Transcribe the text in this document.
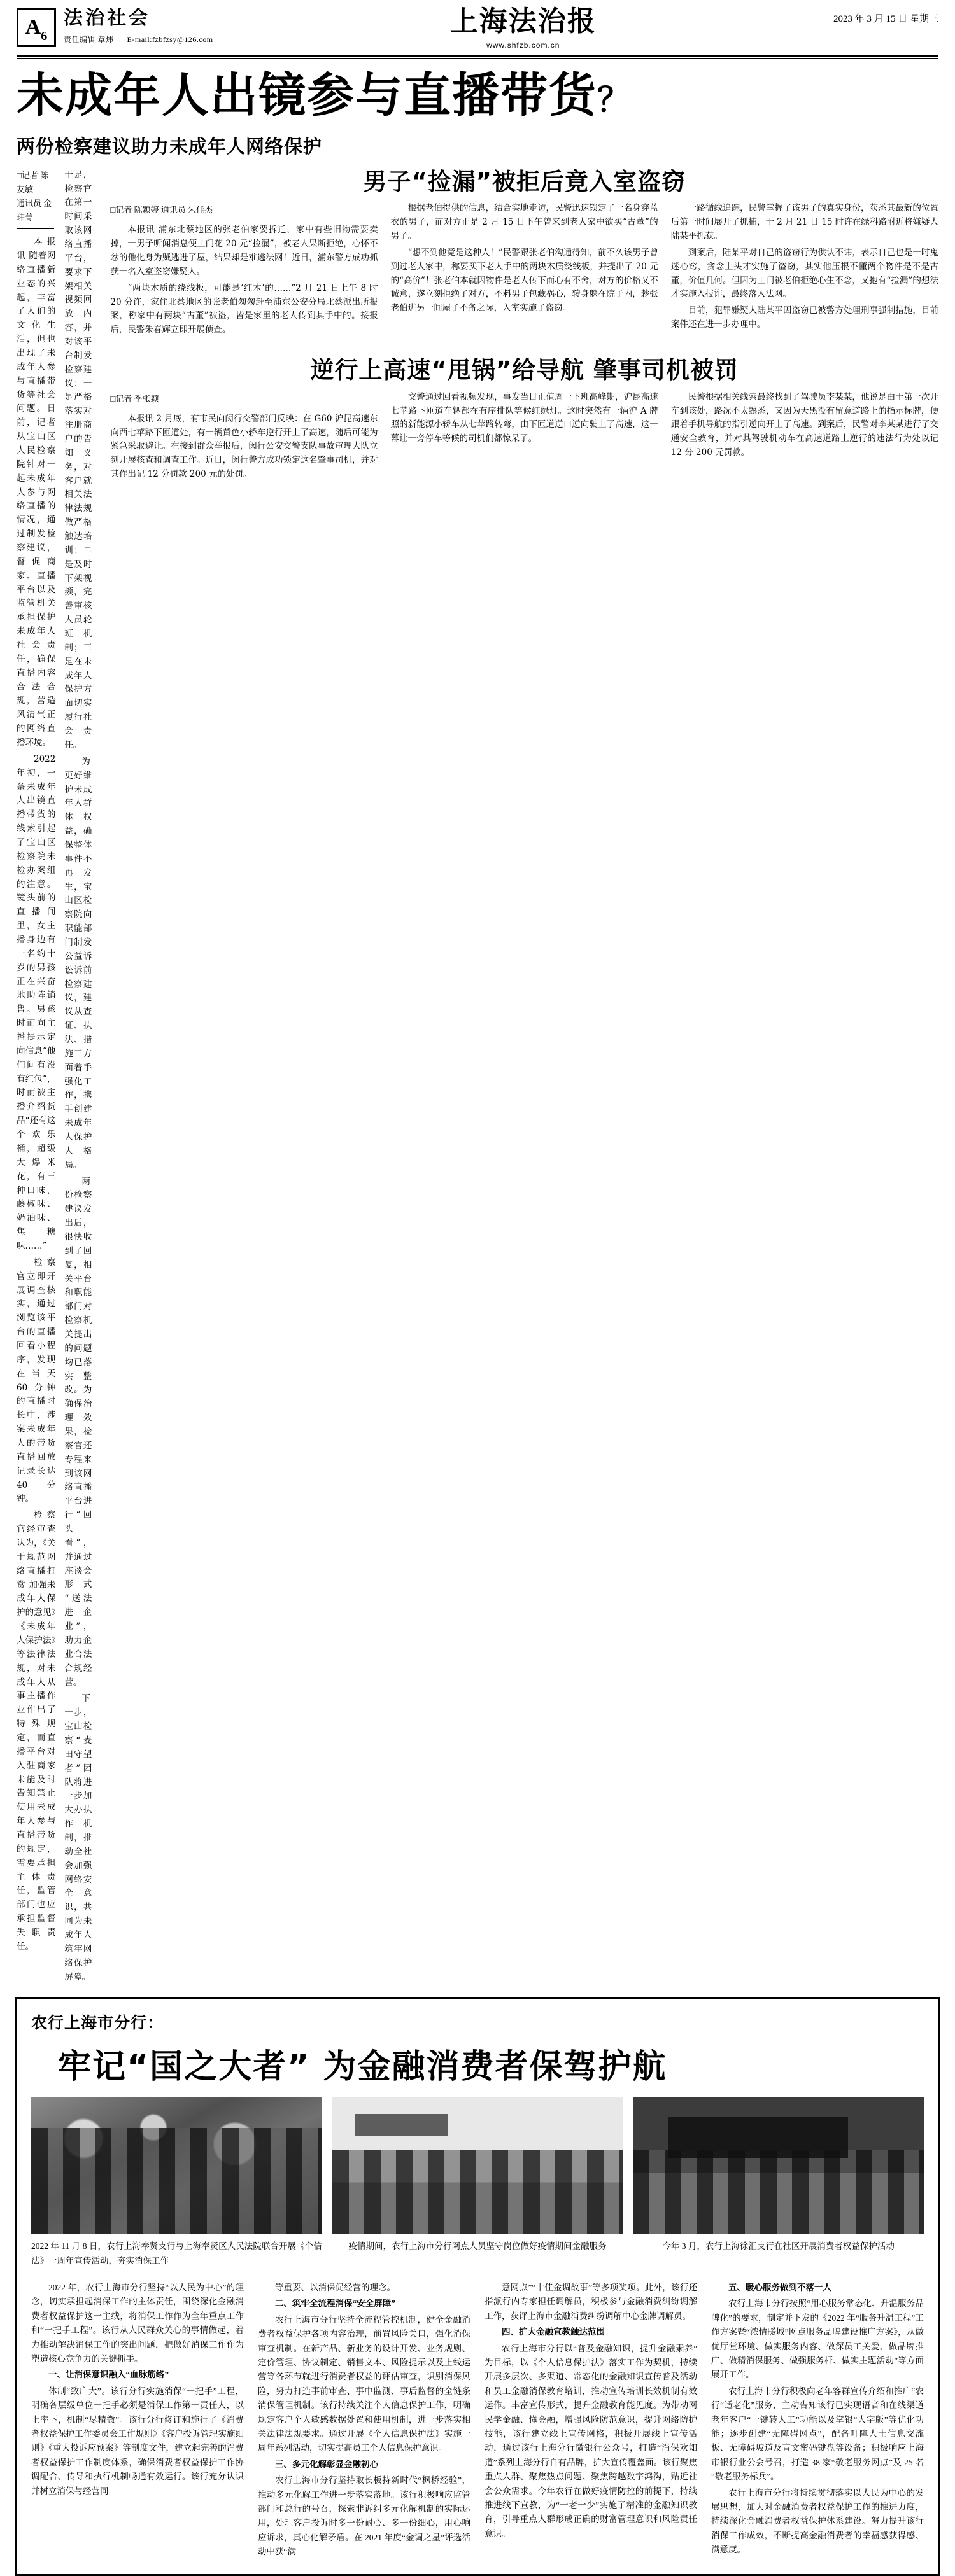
A 6
法治社会
责任编辑 章炜 E-mail:fzbfzsy@126.com
上海法治报
www.shfzb.com.cn
2023 年 3 月 15 日 星期三
未成年人出镜参与直播带货？
两份检察建议助力未成年人网络保护
□记者 陈友敏
通讯员 金玮菁

本报讯 随着网络直播新业态的兴起，丰富了人们的文化生活，但也出现了未成年人参与直播带货等社会问题。日前，记者从宝山区人民检察院针对一起未成年人参与网络直播的情况，通过制发检察建议，督促商家、直播平台以及监管机关承担保护未成年人社会责任，确保直播内容合法合规，营造风清气正的网络直播环境。

2022 年初，一条未成年人出镜直播带货的线索引起了宝山区检察院未检办案组的注意。镜头前的直播间里，女主播身边有一名约十岁的男孩正在兴奋地助阵销售。男孩时而向主播提示定向信息“他们问有没有红包”，时而被主播介绍货品“还有这个欢乐桶，超级大爆米花，有三种口味，藤椒味、奶油味、焦糖味……”

检察官立即开展调查核实，通过浏览该平台的直播回看小程序，发现在当天 60 分钟的直播时长中，涉案未成年人的带货直播回放记录长达 40 分钟。

检察官经审查认为，《关于规范网络直播打赏 加强未成年人保护的意见》《未成年人保护法》等法律法规，对未成年人从事主播作业作出了特殊规定，而直播平台对入驻商家未能及时告知禁止使用未成年人参与直播带货的规定，需要承担主体责任，监管部门也应承担监督失职责任。

于是，检察官在第一时间采取该网络直播平台，要求下架相关视频回放内容，并对该平台制发检察建议：一是严格落实对注册商户的告知义务，对客户就相关法律法规做严格触达培训；二是及时下架视频，完善审核人员轮班机制；三是在未成年人保护方面切实履行社会责任。

为更好维护未成年人群体权益，确保整体事件不再发生，宝山区检察院向职能部门制发公益诉讼诉前检察建议，建议从查证、执法、措施三方面着手强化工作，携手创建未成年人保护人格局。

两份检察建议发出后，很快收到了回复，相关平台和职能部门对检察机关提出的问题均已落实整改。为确保治理效果，检察官还专程来到该网络直播平台进行“回头看”，并通过座谈会形式“送法进企业”，助力企业合法合规经营。

下一步，宝山检察“麦田守望者”团队将进一步加大办执作机制，推动全社会加强网络安全意识，共同为未成年人筑牢网络保护屏障。

男子“捡漏”被拒后竟入室盗窃
□记者 陈颖婷 通讯员 朱佳杰

本报讯 浦东北蔡地区的张老伯家要拆迁，家中有些旧物需要卖掉，一男子听闻消息便上门花 20 元“捡漏”，被老人果断拒绝，心怀不忿的他化身为贼逃进了屋，结果却是难逃法网！近日，浦东警方成功抓获一名入室盗窃嫌疑人。

“两块木质的绕线板，可能是‘红木’的……”2 月 21 日上午 8 时 20 分许，家住北蔡地区的张老伯匆匆赶至浦东公安分局北蔡派出所报案，称家中有两块“古董”被盗，皆是家里的老人传到其手中的。接报后，民警朱春辉立即开展侦查。

根据老伯提供的信息，结合实地走访，民警迅速锁定了一名身穿蓝衣的男子，而对方正是 2 月 15 日下午曾来到老人家中欲买“古董”的男子。

“想不到他竟是这种人！”民警跟张老伯沟通得知，前不久该男子曾到过老人家中，称要买下老人手中的两块木质绕线板，并提出了 20 元的“高价”！张老伯本就因物件是老人传下而心有不舍，对方的价格又不诚意，遂立刻拒绝了对方，不料男子包藏祸心，转身躲在院子内，趁张老伯进另一间屋子不备之际，入室实施了盗窃。

一路循线追踪，民警掌握了该男子的真实身份，获悉其最新的位置后第一时间展开了抓捕，于 2 月 21 日 15 时许在绿科路附近将嫌疑人陆某平抓获。

到案后，陆某平对自己的盗窃行为供认不讳，表示自己也是一时鬼迷心窍，贪念上头才实施了盗窃，其实他压根不懂两个物件是不是古董，价值几何。但因为上门被老伯拒绝心生不念，又抱有“捡漏”的想法才实施入技诈，最终落入法网。

目前，犯罪嫌疑人陆某平因盗窃已被警方处理刑事强制措施，目前案件还在进一步办理中。

逆行上高速“甩锅”给导航 肇事司机被罚
□记者 季张颖

本报讯 2 月底，有市民向闵行交警部门反映：在 G60 沪昆高速东向西七苹路下匝道处，有一辆黄色小轿车逆行开上了高速，随后可能为紧急采取避让。在接到群众举报后，闵行公安交警支队事故审理大队立刻开展核查和调查工作。近日，闵行警方成功锁定这名肇事司机，并对其作出记 12 分罚款 200 元的处罚。

交警通过回看视频发现，事发当日正值周一下班高峰期，沪昆高速七苹路下匝道车辆都在有序排队等候红绿灯。这时突然有一辆沪 A 牌照的新能源小轿车从七苹路转弯，由下匝道逆口逆向驶上了高速，这一幕让一旁停车等候的司机们都惊呆了。

民警根据相关线索最终找到了驾驶员李某某，他说是由于第一次开车到该处，路况不太熟悉，又因为天黑没有留意道路上的指示标牌，便跟着手机导航的指引逆向开上了高速。到案后，民警对李某某进行了交通安全教育，并对其驾驶机动车在高速道路上逆行的违法行为处以记 12 分 200 元罚款。

农行上海市分行：
牢记“国之大者” 为金融消费者保驾护航
2022 年 11 月 8 日，农行上海奉贤支行与上海奉贤区人民法院联合开展《个信法》一周年宣传活动，夯实消保工作
疫情期间，农行上海市分行网点人员坚守岗位做好疫情期间金融服务	今年 3 月，农行上海徐汇支行在社区开展消费者权益保护活动

2022 年，农行上海市分行坚持“以人民为中心”的理念，切实承担起消保工作的主体责任，围绕深化金融消费者权益保护这一主线，将消保工作作为全年重点工作和“一把手工程”。该行从人民群众关心的事情做起，着力推动解决消保工作的突出问题，把做好消保工作作为塑造核心竞争力的关键抓手。

一、让消保意识融入“血脉筋络”

体制“致广大”。该行分行实施消保“一把手”工程，明确各层级单位一把手必须是消保工作第一责任人，以上率下，机制“尽精微”。该行分行修订和施行了《消费者权益保护工作委员会工作规则》《客户投诉管理实施细则》《重大投诉应预案》等制度文件，建立起完善的消费者权益保护工作制度体系，确保消费者权益保护工作协调配合、传导和执行机制畅通有效运行。该行充分认识并树立消保与经营同

等重要、以消保促经营的理念。

二、筑牢全流程消保“安全屏障”

农行上海市分行坚持全流程管控机制，健全金融消费者权益保护各项内容治理，前置风险关口，强化消保审查机制。在新产品、新业务的设计开发、业务规则、定价管理、协议制定、销售文本、风险提示以及上线运营等各环节就进行消费者权益的评估审查，识别消保风险，努力打造事前审查、事中监测、事后监督的全链条消保管理机制。该行持续关注个人信息保护工作，明确规定客户个人敏感数据处置和使用机制，进一步落实相关法律法规要求。通过开展《个人信息保护法》实施一周年系列活动，切实提高员工个人信息保护意识。

三、多元化解彰显金融初心

农行上海市分行坚持取长板持新时代“枫桥经验”，推动多元化解工作进一步落实落地。该行积极响应监管部门和总行的号召，探索非诉纠多元化解机制的实际运用，处理客户投诉时多一份耐心、多一份细心，用心响应诉求，真心化解矛盾。在 2021 年度“金调之星”评选活动中获“满

意网点”“十佳金调故事”等多项奖项。此外，该行还指派行内专家担任调解员，积极参与金融消费纠纷调解工作，获评上海市金融消费纠纷调解中心金牌调解员。

四、扩大金融宣教触达范围

农行上海市分行以“普及金融知识，提升金融素养”为目标，以《个人信息保护法》落实工作为契机，持续开展多层次、多渠道、常态化的金融知识宣传普及活动和员工金融消保教育培训，推动宣传培训长效机制有效运作。丰富宣传形式，提升金融教育能见度。为带动网民学金融、懂金融，增强风险防范意识，提升网络防护技能，该行建立线上宣传网格，积极开展线上宣传活动，通过该行上海分行微银行公众号，打造“消保欢知道”系列上海分行自有品牌，扩大宣传覆盖面。该行聚焦重点人群、聚焦热点问题、聚焦跨越数字鸿沟，贴近社会公众需求。今年农行在做好疫情防控的前提下，持续推进线下宣教，为“一老一少”实施了精准的金融知识教育，引导重点人群形成正确的财富管理意识和风险责任意识。

五、暖心服务做到不落一人

农行上海市分行按照“用心服务常态化、升温服务品牌化”的要求，制定并下发的《2022 年“服务升温工程”工作方案暨“浓情暖城”网点服务品牌建设推广方案》，从做优厅堂环境、做实服务内容、做深员工关爱、做品牌推广、做精消保服务、做强服务杆、做实主题活动”等方面展开工作。

农行上海市分行积极向老年客群宣传介绍和推广“农行“适老化”服务，主动告知该行已实现语音和在线渠道老年客户“一键转人工”功能以及掌银“大字版”等优化功能；逐步创建“无障碍网点”，配备叮障人士信息交流板、无障碍坡道及盲文密码键盘等设备；积极响应上海市银行业公会号召，打造 38 家“敬老服务网点”及 25 名“敬老服务标兵”。

农行上海市分行将持续贯彻落实以人民为中心的发展思想，加大对金融消费者权益保护工作的推进力度，持续深化金融消费者权益保护体系建设。努力提升该行消保工作成效，不断提高金融消费者的幸福感获得感、满意度。
